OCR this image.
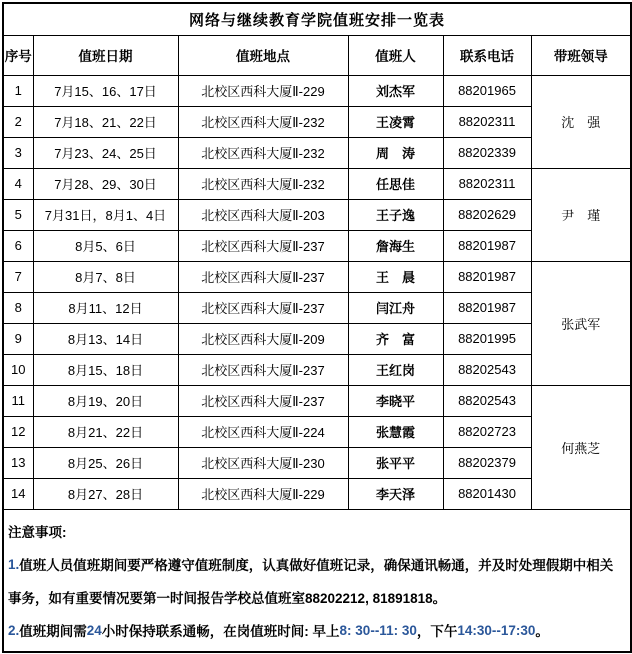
网络与继续教育学院值班安排一览表					
序号	值班日期	值班地点	值班人	联系电话	带班领导
1	7月15、16、17日	北校区西科大厦Ⅱ-229	刘杰军	88201965	沈　强
2	7月18、21、22日	北校区西科大厦Ⅱ-232	王凌霄	88202311	
3	7月23、24、25日	北校区西科大厦Ⅱ-232	周　涛	88202339	
4	7月28、29、30日	北校区西科大厦Ⅱ-232	任思佳	88202311	尹　瑾
5	7月31日，8月1、4日	北校区西科大厦Ⅱ-203	王子逸	88202629	
6	8月5、6日	北校区西科大厦Ⅱ-237	詹海生	88201987	
7	8月7、8日	北校区西科大厦Ⅱ-237	王　晨	88201987	张武军
8	8月11、12日	北校区西科大厦Ⅱ-237	闫江舟	88201987	
9	8月13、14日	北校区西科大厦Ⅱ-209	齐　富	88201995	
10	8月15、18日	北校区西科大厦Ⅱ-237	王红岗	88202543	
11	8月19、20日	北校区西科大厦Ⅱ-237	李晓平	88202543	何燕芝
12	8月21、22日	北校区西科大厦Ⅱ-224	张慧霞	88202723	
13	8月25、26日	北校区西科大厦Ⅱ-230	张平平	88202379	
14	8月27、28日	北校区西科大厦Ⅱ-229	李天泽	88201430	

注意事项:
1. 值班人员值班期间要严格遵守值班制度，认真做好值班记录，确保通讯畅通，并及时处理假期中相关
事务，如有重要情况要第一时间报告学校总值班室88202212, 81891818。
2. 值班期间需 24 小时保持联系通畅，在岗值班时间: 早上 8: 30--11: 30 ，下午 14:30--17:30 。
